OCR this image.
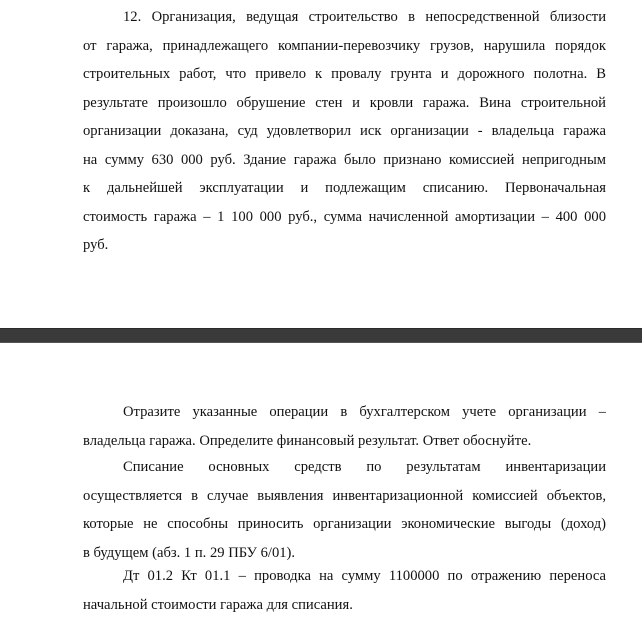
12. Организация, ведущая строительство в непосредственной близости
от гаража, принадлежащего компании-перевозчику грузов, нарушила порядок
строительных работ, что привело к провалу грунта и дорожного полотна. В
результате произошло обрушение стен и кровли гаража. Вина строительной
организации доказана, суд удовлетворил иск организации - владельца гаража
на сумму 630 000 руб. Здание гаража было признано комиссией непригодным
к дальнейшей эксплуатации и подлежащим списанию. Первоначальная
стоимость гаража – 1 100 000 руб., сумма начисленной амортизации – 400 000
руб.
Отразите указанные операции в бухгалтерском учете организации –
владельца гаража. Определите финансовый результат. Ответ обоснуйте.
Списание основных средств по результатам инвентаризации
осуществляется в случае выявления инвентаризационной комиссией объектов,
которые не способны приносить организации экономические выгоды (доход)
в будущем (абз. 1 п. 29 ПБУ 6/01).
Дт 01.2 Кт 01.1 – проводка на сумму 1100000 по отражению переноса
начальной стоимости гаража для списания.
